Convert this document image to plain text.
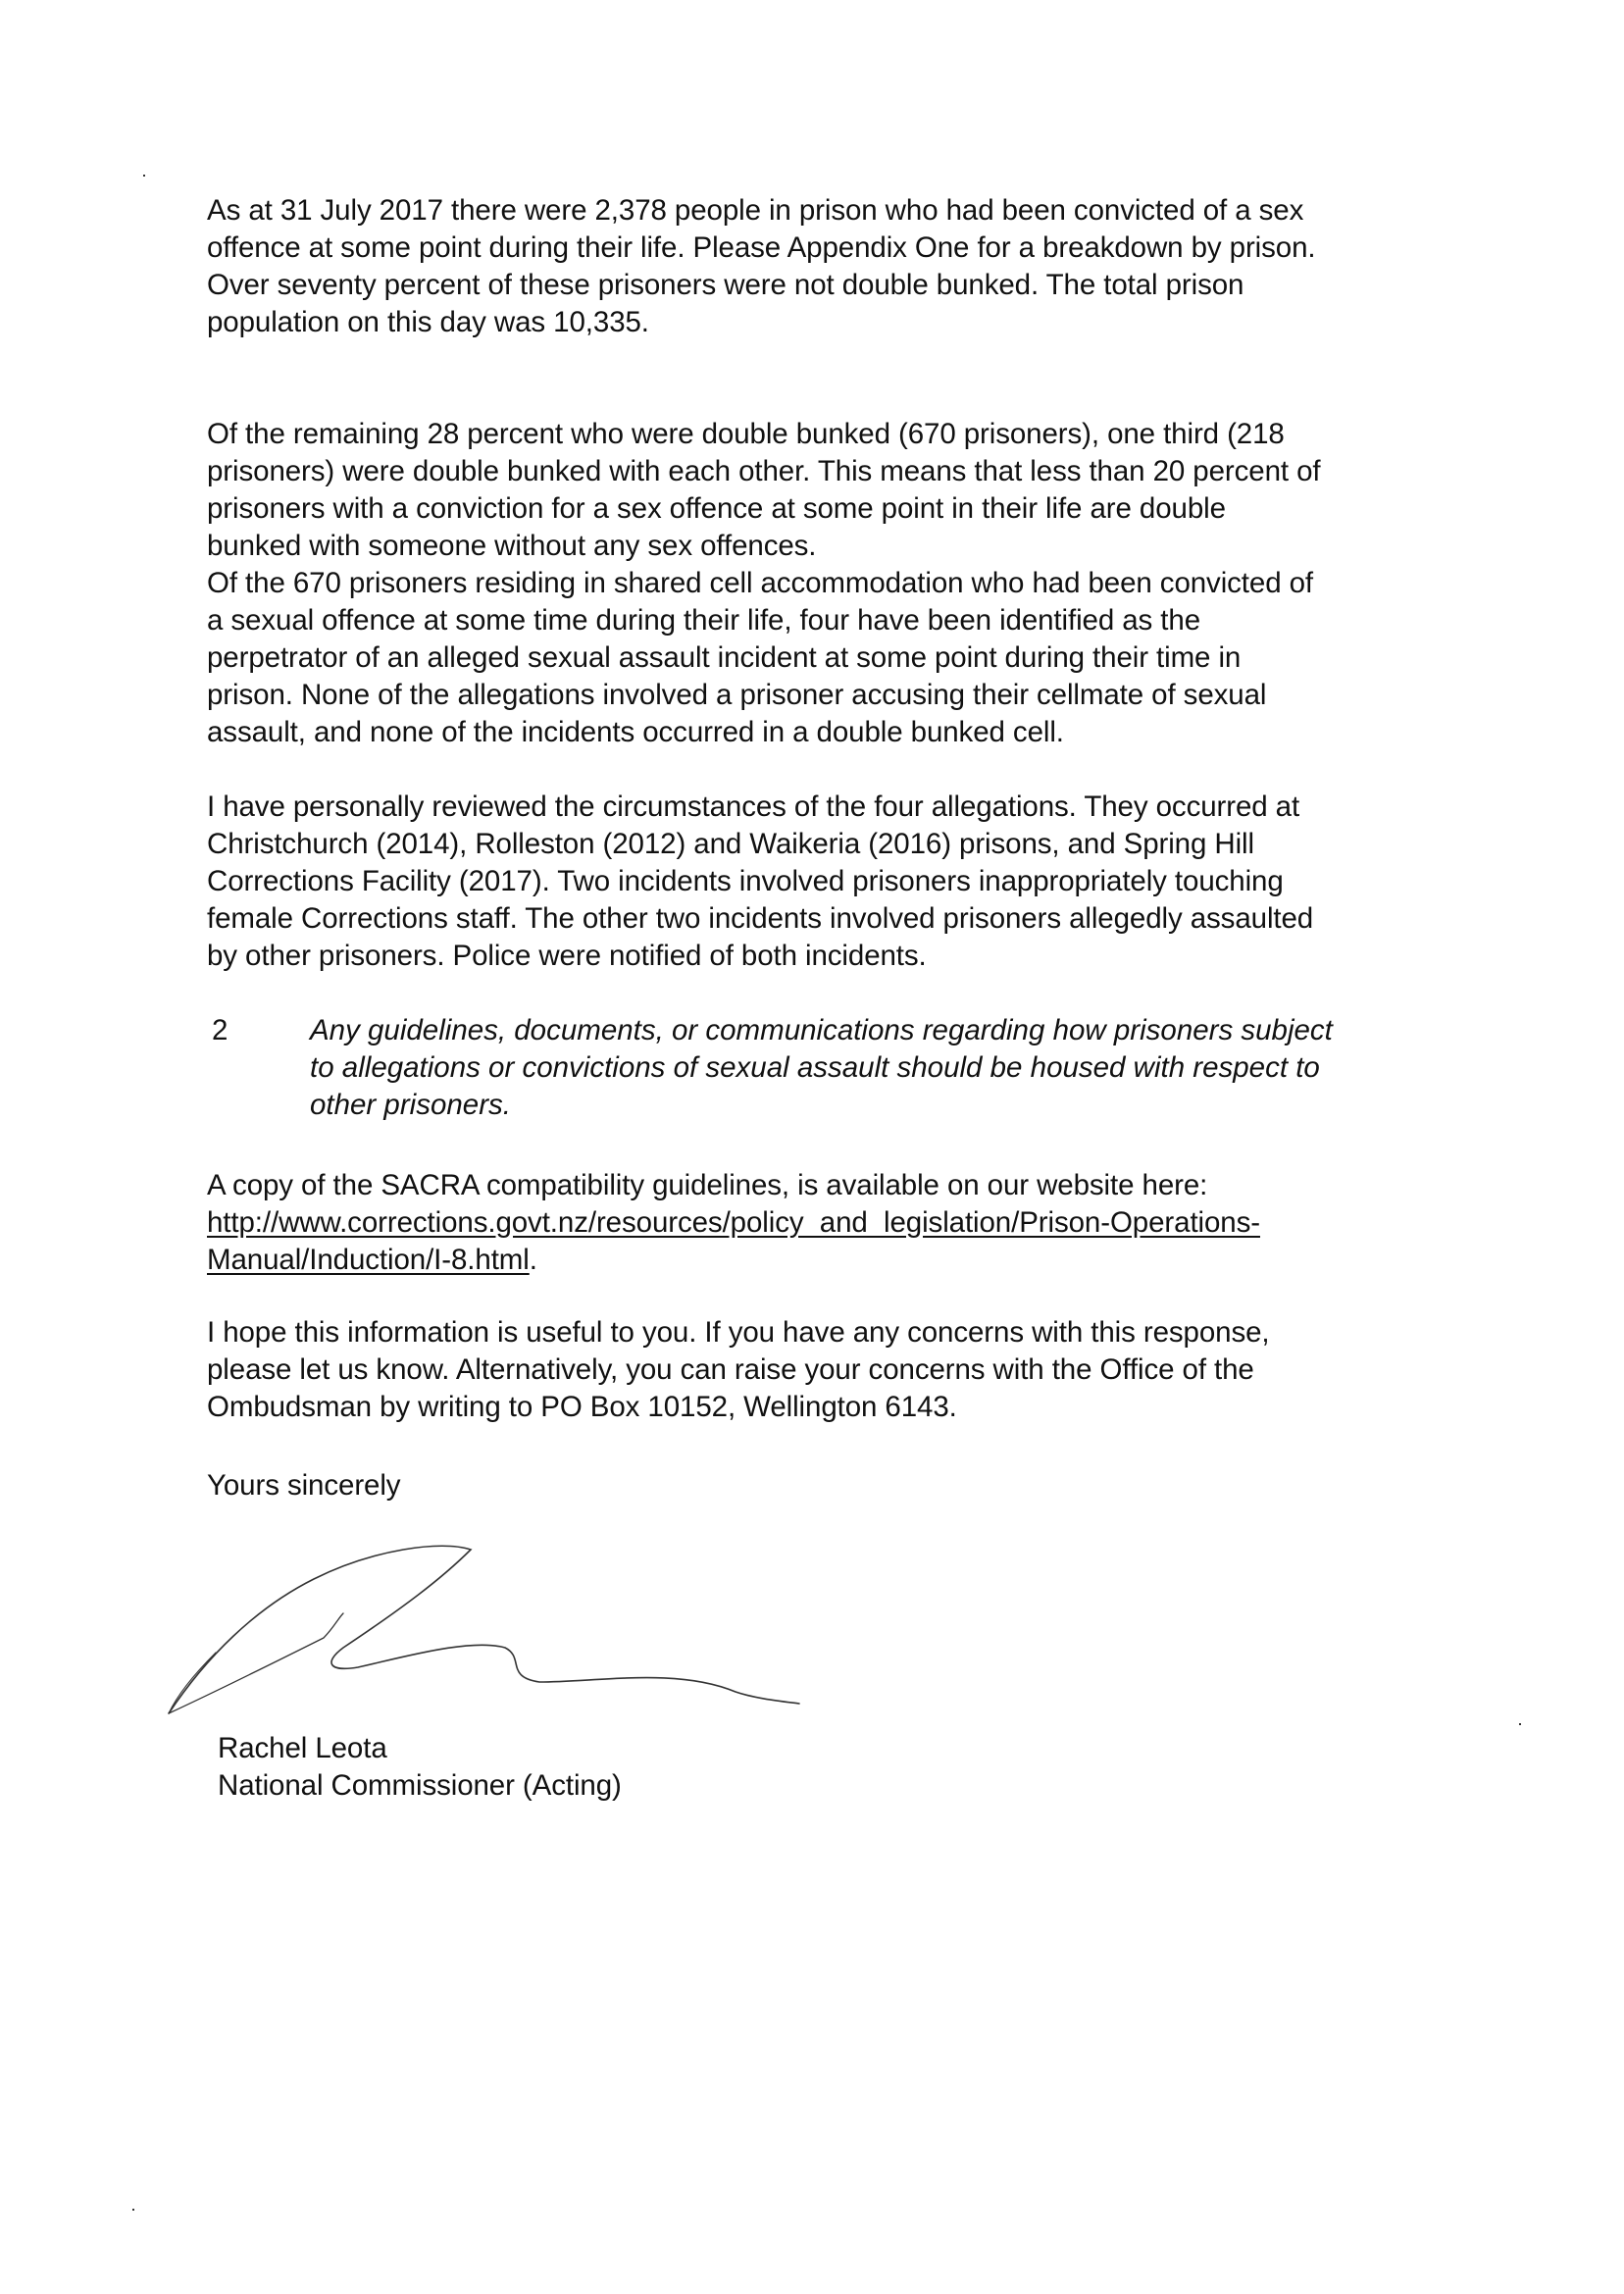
As at 31 July 2017 there were 2,378 people in prison who had been convicted of a sex
offence at some point during their life. Please Appendix One for a breakdown by prison.
Over seventy percent of these prisoners were not double bunked. The total prison
population on this day was 10,335.
Of the remaining 28 percent who were double bunked (670 prisoners), one third (218
prisoners) were double bunked with each other. This means that less than 20 percent of
prisoners with a conviction for a sex offence at some point in their life are double
bunked with someone without any sex offences.
Of the 670 prisoners residing in shared cell accommodation who had been convicted of
a sexual offence at some time during their life, four have been identified as the
perpetrator of an alleged sexual assault incident at some point during their time in
prison. None of the allegations involved a prisoner accusing their cellmate of sexual
assault, and none of the incidents occurred in a double bunked cell.
I have personally reviewed the circumstances of the four allegations. They occurred at
Christchurch (2014), Rolleston (2012) and Waikeria (2016) prisons, and Spring Hill
Corrections Facility (2017). Two incidents involved prisoners inappropriately touching
female Corrections staff. The other two incidents involved prisoners allegedly assaulted
by other prisoners. Police were notified of both incidents.
2	Any guidelines, documents, or communications regarding how prisoners subject
to allegations or convictions of sexual assault should be housed with respect to
other prisoners.
A copy of the SACRA compatibility guidelines, is available on our website here:
http://www.corrections.govt.nz/resources/policy_and_legislation/Prison-Operations-
Manual/Induction/I-8.html.
I hope this information is useful to you. If you have any concerns with this response,
please let us know. Alternatively, you can raise your concerns with the Office of the
Ombudsman by writing to PO Box 10152, Wellington 6143.
Yours sincerely
Rachel Leota
National Commissioner (Acting)
